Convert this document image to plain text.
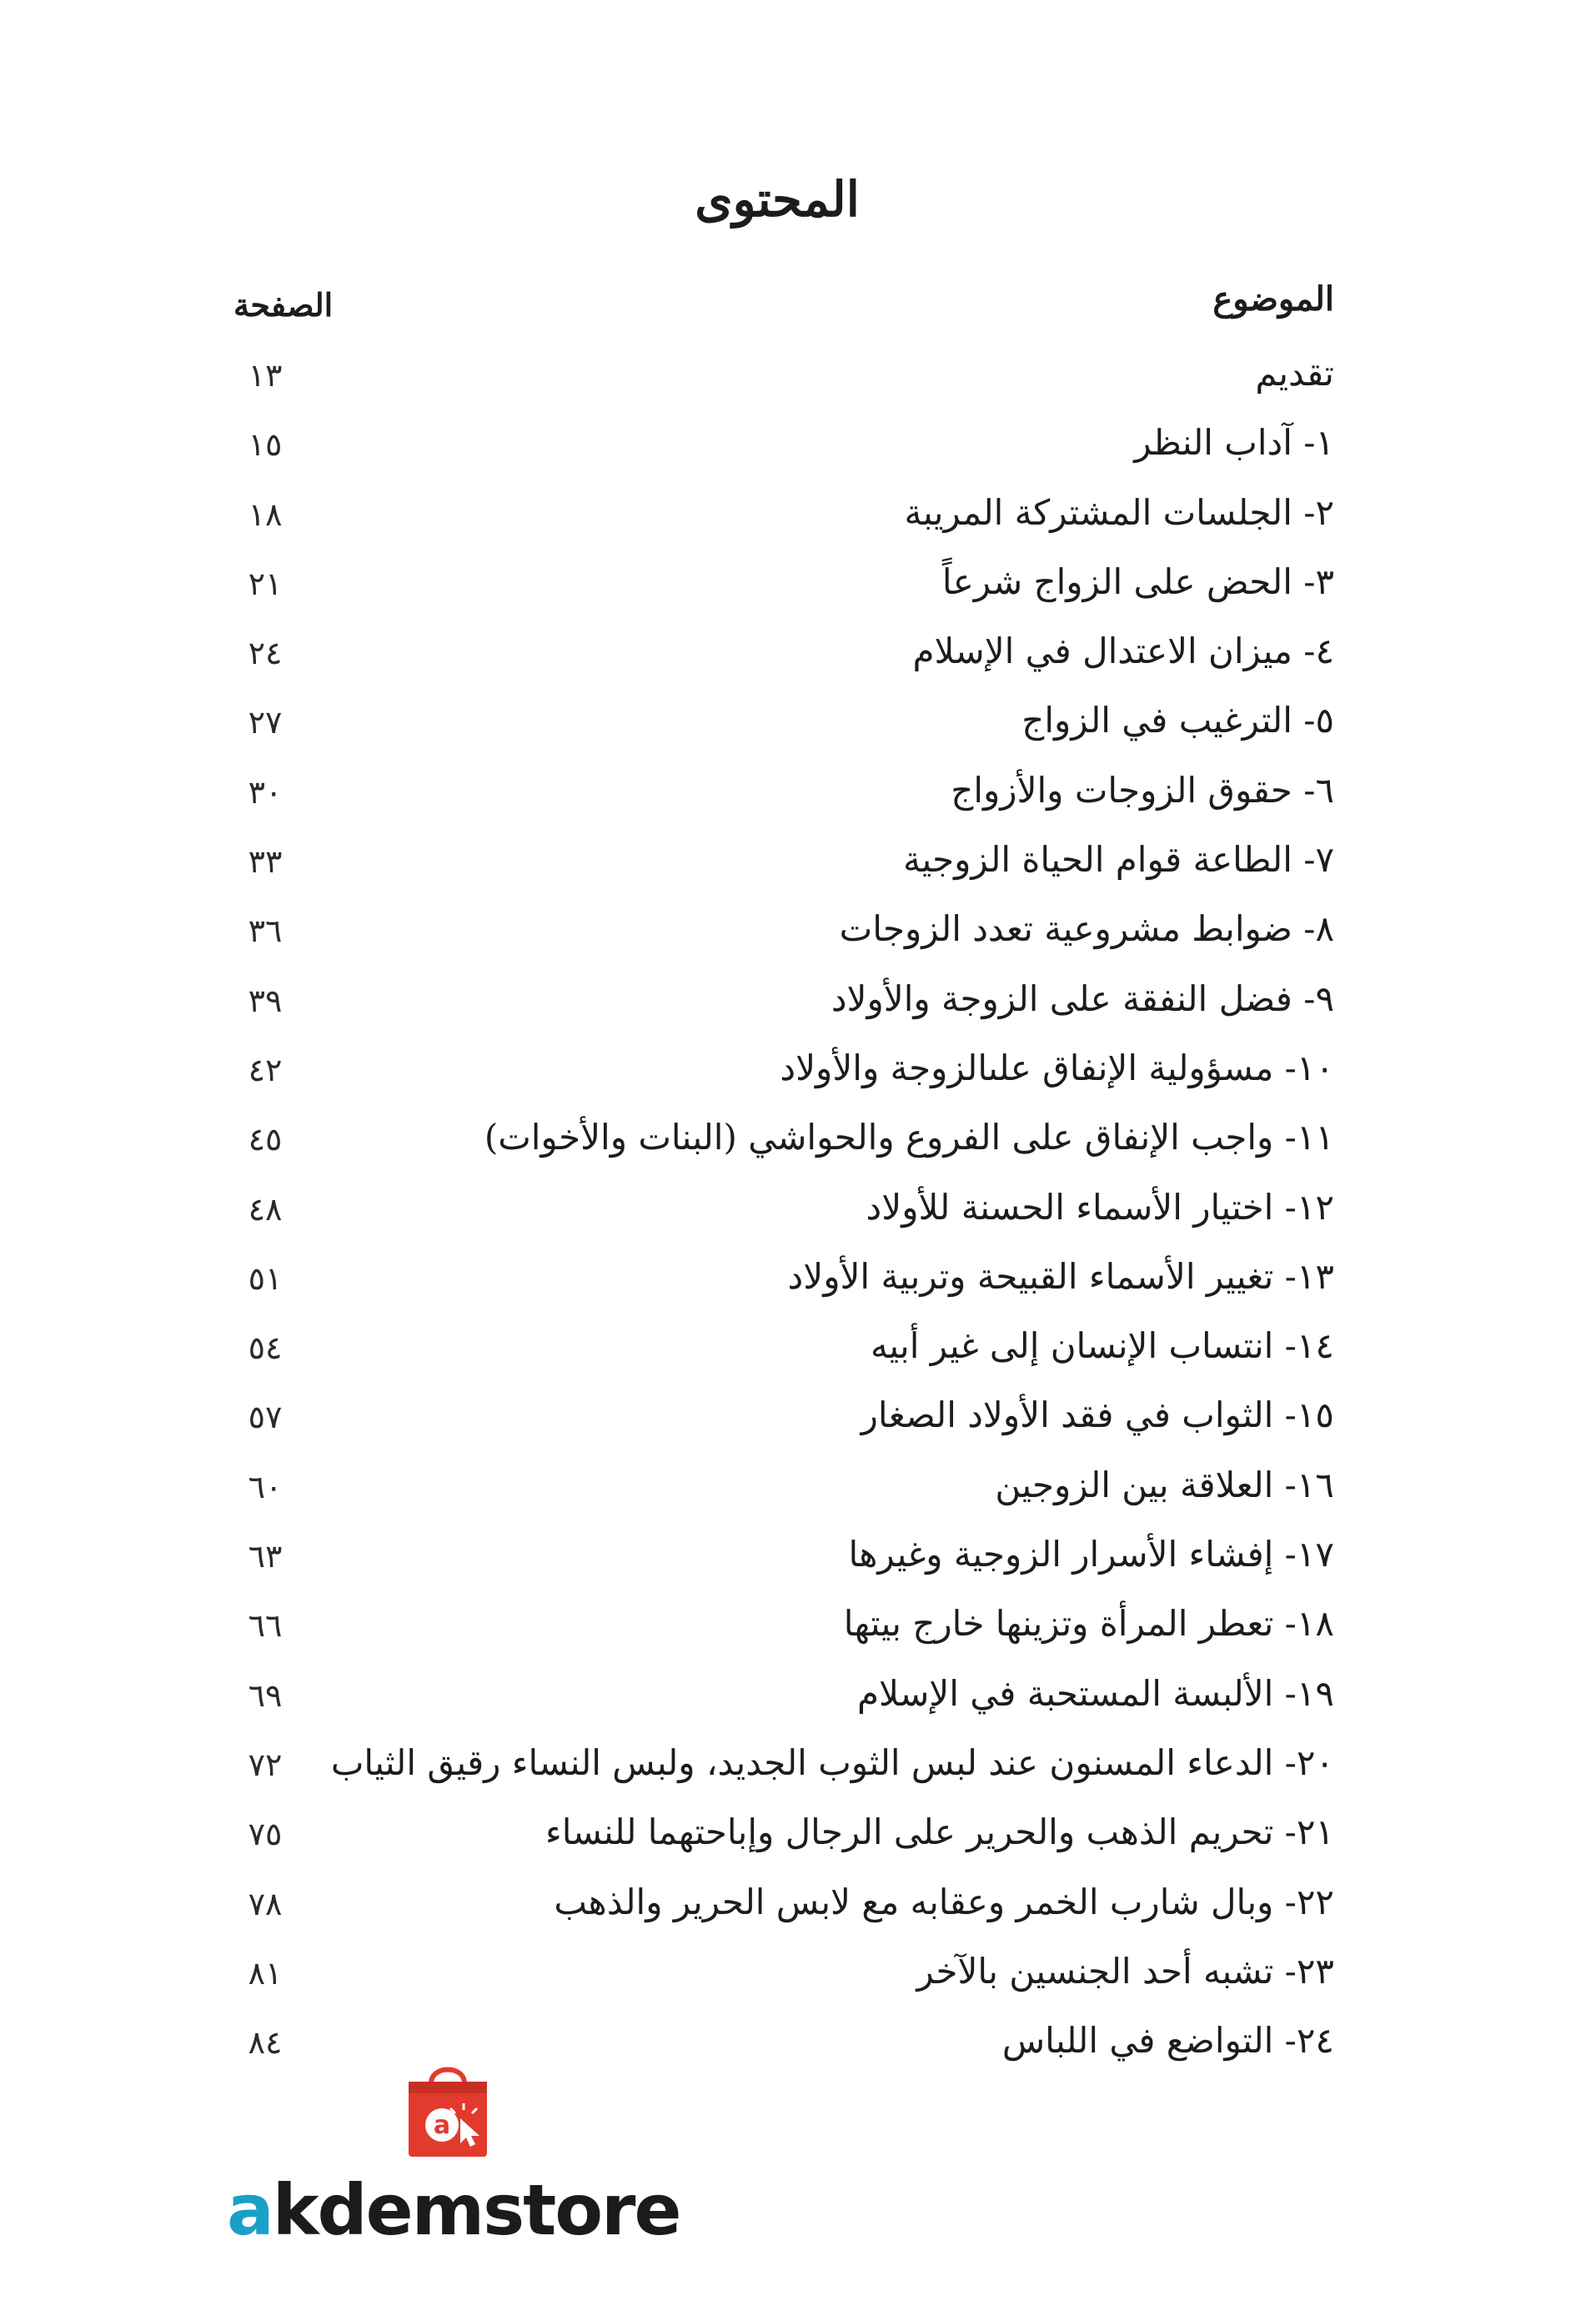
المحتوى
الموضوع
الصفحة
تقديم
١٣
١- آداب النظر
١٥
٢- الجلسات المشتركة المريبة
١٨
٣- الحض على الزواج شرعاً
٢١
٤- ميزان الاعتدال في الإسلام
٢٤
٥- الترغيب في الزواج
٢٧
٦- حقوق الزوجات والأزواج
٣٠
٧- الطاعة قوام الحياة الزوجية
٣٣
٨- ضوابط مشروعية تعدد الزوجات
٣٦
٩- فضل النفقة على الزوجة والأولاد
٣٩
١٠- مسؤولية الإنفاق علىالزوجة والأولاد
٤٢
١١- واجب الإنفاق على الفروع والحواشي (البنات والأخوات)
٤٥
١٢- اختيار الأسماء الحسنة للأولاد
٤٨
١٣- تغيير الأسماء القبيحة وتربية الأولاد
٥١
١٤- انتساب الإنسان إلى غير أبيه
٥٤
١٥- الثواب في فقد الأولاد الصغار
٥٧
١٦- العلاقة بين الزوجين
٦٠
١٧- إفشاء الأسرار الزوجية وغيرها
٦٣
١٨- تعطر المرأة وتزينها خارج بيتها
٦٦
١٩- الألبسة المستحبة في الإسلام
٦٩
٢٠- الدعاء المسنون عند لبس الثوب الجديد، ولبس النساء رقيق الثياب
٧٢
٢١- تحريم الذهب والحرير على الرجال وإباحتهما للنساء
٧٥
٢٢- وبال شارب الخمر وعقابه مع لابس الحرير والذهب
٧٨
٢٣- تشبه أحد الجنسين بالآخر
٨١
٢٤- التواضع في اللباس
٨٤
a
akdemstore
